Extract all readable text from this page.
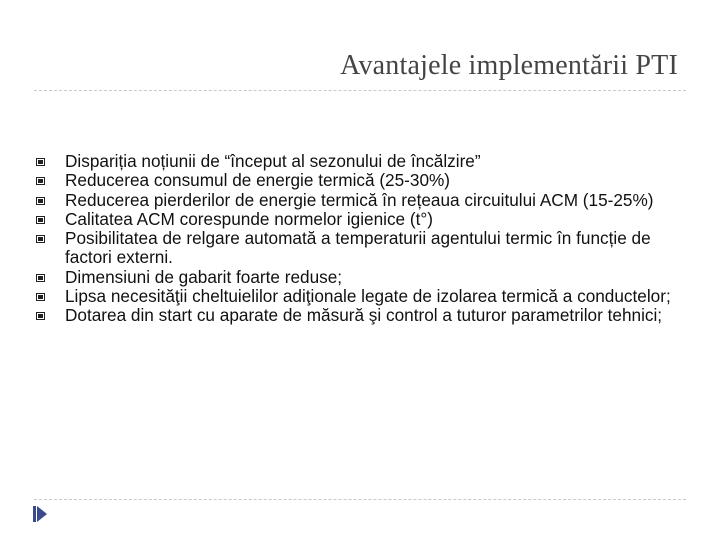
Avantajele implementării PTI
Dispariția noțiunii de “început al sezonului de încălzire”
Reducerea consumul de energie termică (25-30%)
Reducerea pierderilor de energie termică în rețeaua circuitului ACM (15-25%)
Calitatea ACM corespunde normelor igienice (t°)
Posibilitatea de relgare automată a temperaturii agentului termic în funcție de factori externi.
Dimensiuni de gabarit foarte reduse;
Lipsa necesităţii cheltuielilor adiţionale legate de izolarea termică a conductelor;
Dotarea din start cu aparate de măsură şi control a tuturor parametrilor tehnici;
